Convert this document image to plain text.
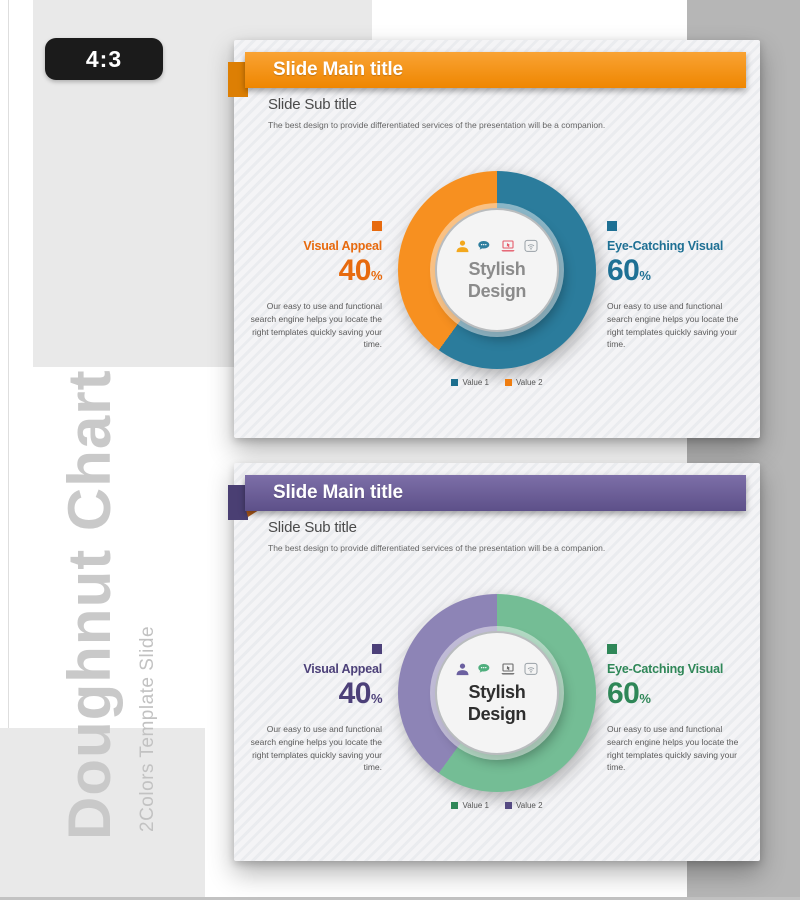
Doughnut Chart 2Colors Template Slide
4:3	Slide Main title
Slide Sub title
The best design to provide differentiated services of the presentation will be a companion.
Stylish
Design
Visual Appeal
40%
Our easy to use and functional search engine helps you locate the right templates quickly saving your time.
Eye-Catching Visual
60%
Our easy to use and functional search engine helps you locate the right templates quickly saving your time.
Value 1	Value 2
Slide Main title
Slide Sub title
The best design to provide differentiated services of the presentation will be a companion.
Stylish
Design
Visual Appeal
40%
Our easy to use and functional search engine helps you locate the right templates quickly saving your time.
Eye-Catching Visual
60%
Our easy to use and functional search engine helps you locate the right templates quickly saving your time.
Value 1	Value 2
